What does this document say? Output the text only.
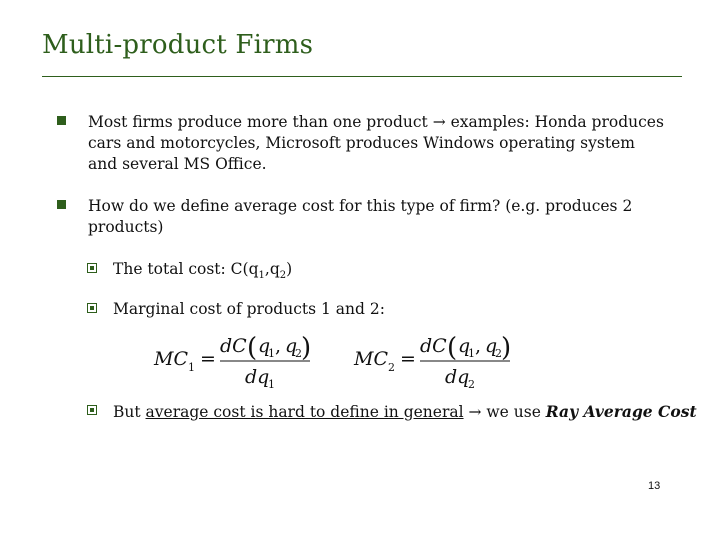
Multi-product Firms
Most firms produce more than one product → examples: Honda produces cars and motorcycles, Microsoft produces Windows operating system and several MS Office.
How do we define average cost for this type of firm? (e.g. produces 2 products)
The total cost: $C(q_1,q_2)$
Marginal cost of products 1 and 2:
MC 1 =
dC ( q
1 , q
2 )
dq
1
MC 2 =
dC ( q
1 , q
2 )
dq
2
But average cost is hard to define in general → we use Ray Average Cost
13
